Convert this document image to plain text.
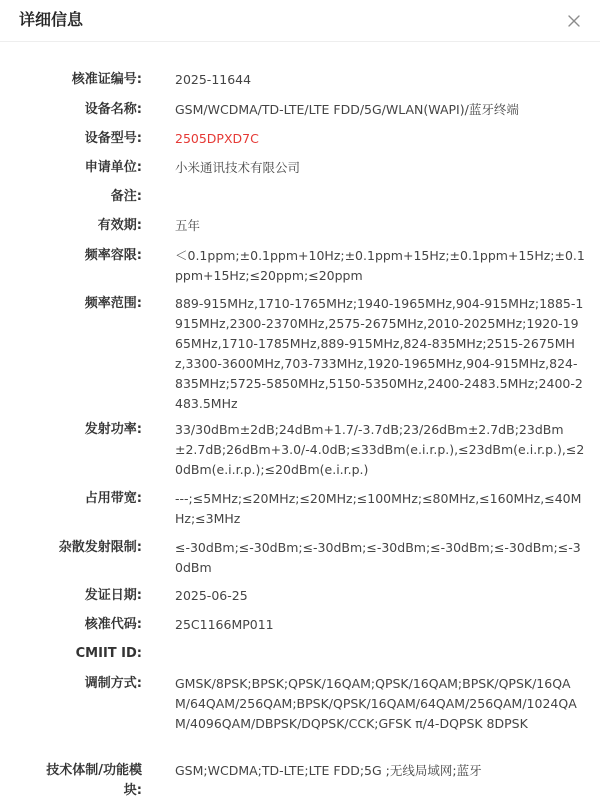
详细信息
核准证编号:	2025-11644
设备名称:	GSM/WCDMA/TD-LTE/LTE FDD/5G/WLAN(WAPI)/蓝牙终端
设备型号:	2505DPXD7C
申请单位:	小米通讯技术有限公司
备注:
有效期:	五年
频率容限:	＜0.1ppm;±0.1ppm+10Hz;±0.1ppm+15Hz;±0.1ppm+15Hz;±0.1ppm+15Hz;≤20ppm;≤20ppm
频率范围:	889-915MHz,1710-1765MHz;1940-1965MHz,904-915MHz;1885-1915MHz,2300-2370MHz,2575-2675MHz,2010-2025MHz;1920-1965MHz,1710-1785MHz,889-915MHz,824-835MHz;2515-2675MHz,3300-3600MHz,703-733MHz,1920-1965MHz,904-915MHz,824-835MHz;5725-5850MHz,5150-5350MHz,2400-2483.5MHz;2400-2483.5MHz
发射功率:	33/30dBm±2dB;24dBm+1.7/-3.7dB;23/26dBm±2.7dB;23dBm±2.7dB;26dBm+3.0/-4.0dB;≤33dBm(e.i.r.p.),≤23dBm(e.i.r.p.),≤20dBm(e.i.r.p.);≤20dBm(e.i.r.p.)
占用带宽:	---;≤5MHz;≤20MHz;≤20MHz;≤100MHz;≤80MHz,≤160MHz,≤40MHz;≤3MHz
杂散发射限制:	≤-30dBm;≤-30dBm;≤-30dBm;≤-30dBm;≤-30dBm;≤-30dBm;≤-30dBm
发证日期:	2025-06-25
核准代码:	25C1166MP011
CMIIT ID:
调制方式:	GMSK/8PSK;BPSK;QPSK/16QAM;QPSK/16QAM;BPSK/QPSK/16QAM/64QAM/256QAM;BPSK/QPSK/16QAM/64QAM/256QAM/1024QAM/4096QAM/DBPSK/DQPSK/CCK;GFSK π/4-DQPSK 8DPSK
技术体制/功能模块:
GSM;WCDMA;TD-LTE;LTE FDD;5G ;无线局域网;蓝牙
